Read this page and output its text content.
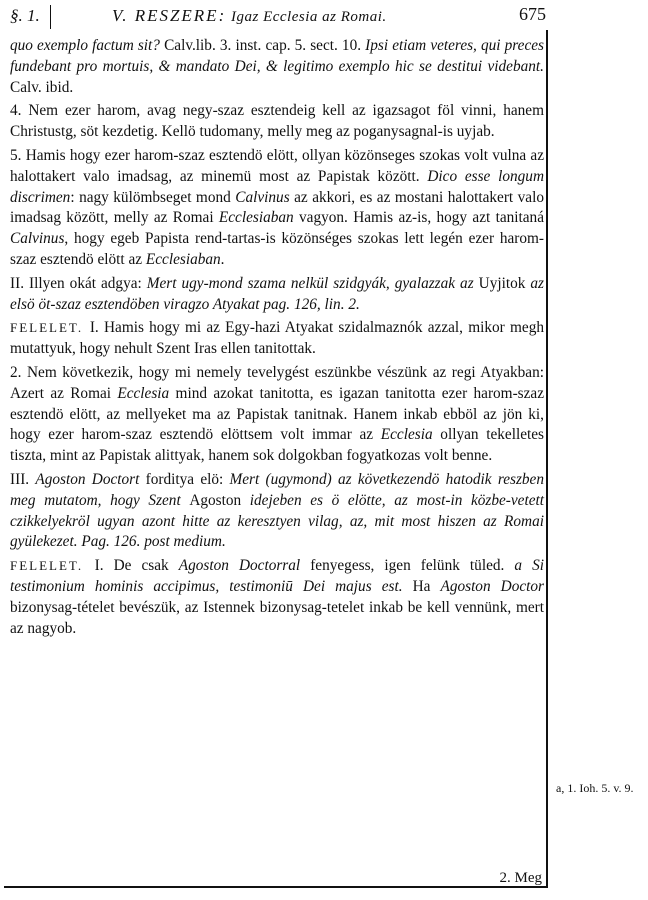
§. 1.	V. RESZERE: Igaz Ecclesia az Romai.	675

quo exemplo factum sit? Calv.lib. 3. inst. cap. 5. sect. 10. Ipsi etiam veteres, qui preces fundebant pro mortuis, & mandato Dei, & legitimo exemplo hic se destitui videbant. Calv. ibid.

4. Nem ezer harom, avag negy-szaz esztendeig kell az igazsagot föl vinni, hanem Christustg, söt kezdetig. Kellö tudomany, melly meg az poganysagnal-is uyjab.

5. Hamis hogy ezer harom-szaz esztendö elött, ollyan közönseges szokas volt vulna az halottakert valo imadsag, az minemü most az Papistak között. Dico esse longum discrimen: nagy külömbseget mond Calvinus az akkori, es az mostani halottakert valo imadsag között, melly az Romai Ecclesiaban vagyon. Hamis az-is, hogy azt tanitaná Calvinus, hogy egeb Papista rend-tartas-is közönséges szokas lett legén ezer harom-szaz esztendö elött az Ecclesiaban.

II. Illyen okát adgya: Mert ugy-mond szama nelkül szidgyák, gyalazzak az Uyjitok az elsö öt-szaz esztendöben viragzo Atyakat pag. 126, lin. 2.

FELELET. I. Hamis hogy mi az Egy-hazi Atyakat szidalmaznók azzal, mikor megh mutattyuk, hogy nehult Szent Iras ellen tanitottak.

2. Nem következik, hogy mi nemely tevelygést eszünkbe vészünk az regi Atyakban: Azert az Romai Ecclesia mind azokat tanitotta, es igazan tanitotta ezer harom-szaz esztendö elött, az mellyeket ma az Papistak tanitnak. Hanem inkab ebböl az jön ki, hogy ezer harom-szaz esztendö elöttsem volt immar az Ecclesia ollyan tekelletes tiszta, mint az Papistak alittyak, hanem sok dolgokban fogyatkozas volt benne.

III. Agoston Doctort forditya elö: Mert (ugymond) az következendö hatodik reszben meg mutatom, hogy Szent Agoston idejeben es ö elötte, az most-in közbe-vetett czikkelyekröl ugyan azont hitte az keresztyen vilag, az, mit most hiszen az Romai gyülekezet. Pag. 126. post medium.

FELELET. I. De csak Agoston Doctorral fenyegess, igen felünk tüled. a Si testimonium hominis accipimus, testimoniū Dei majus est. Ha Agoston Doctor bizonysag-tételet bevészük, az Istennek bizonysag-tetelet inkab be kell vennünk, mert az nagyob.

a, 1. Ioh. 5. v. 9.
2. Meg
